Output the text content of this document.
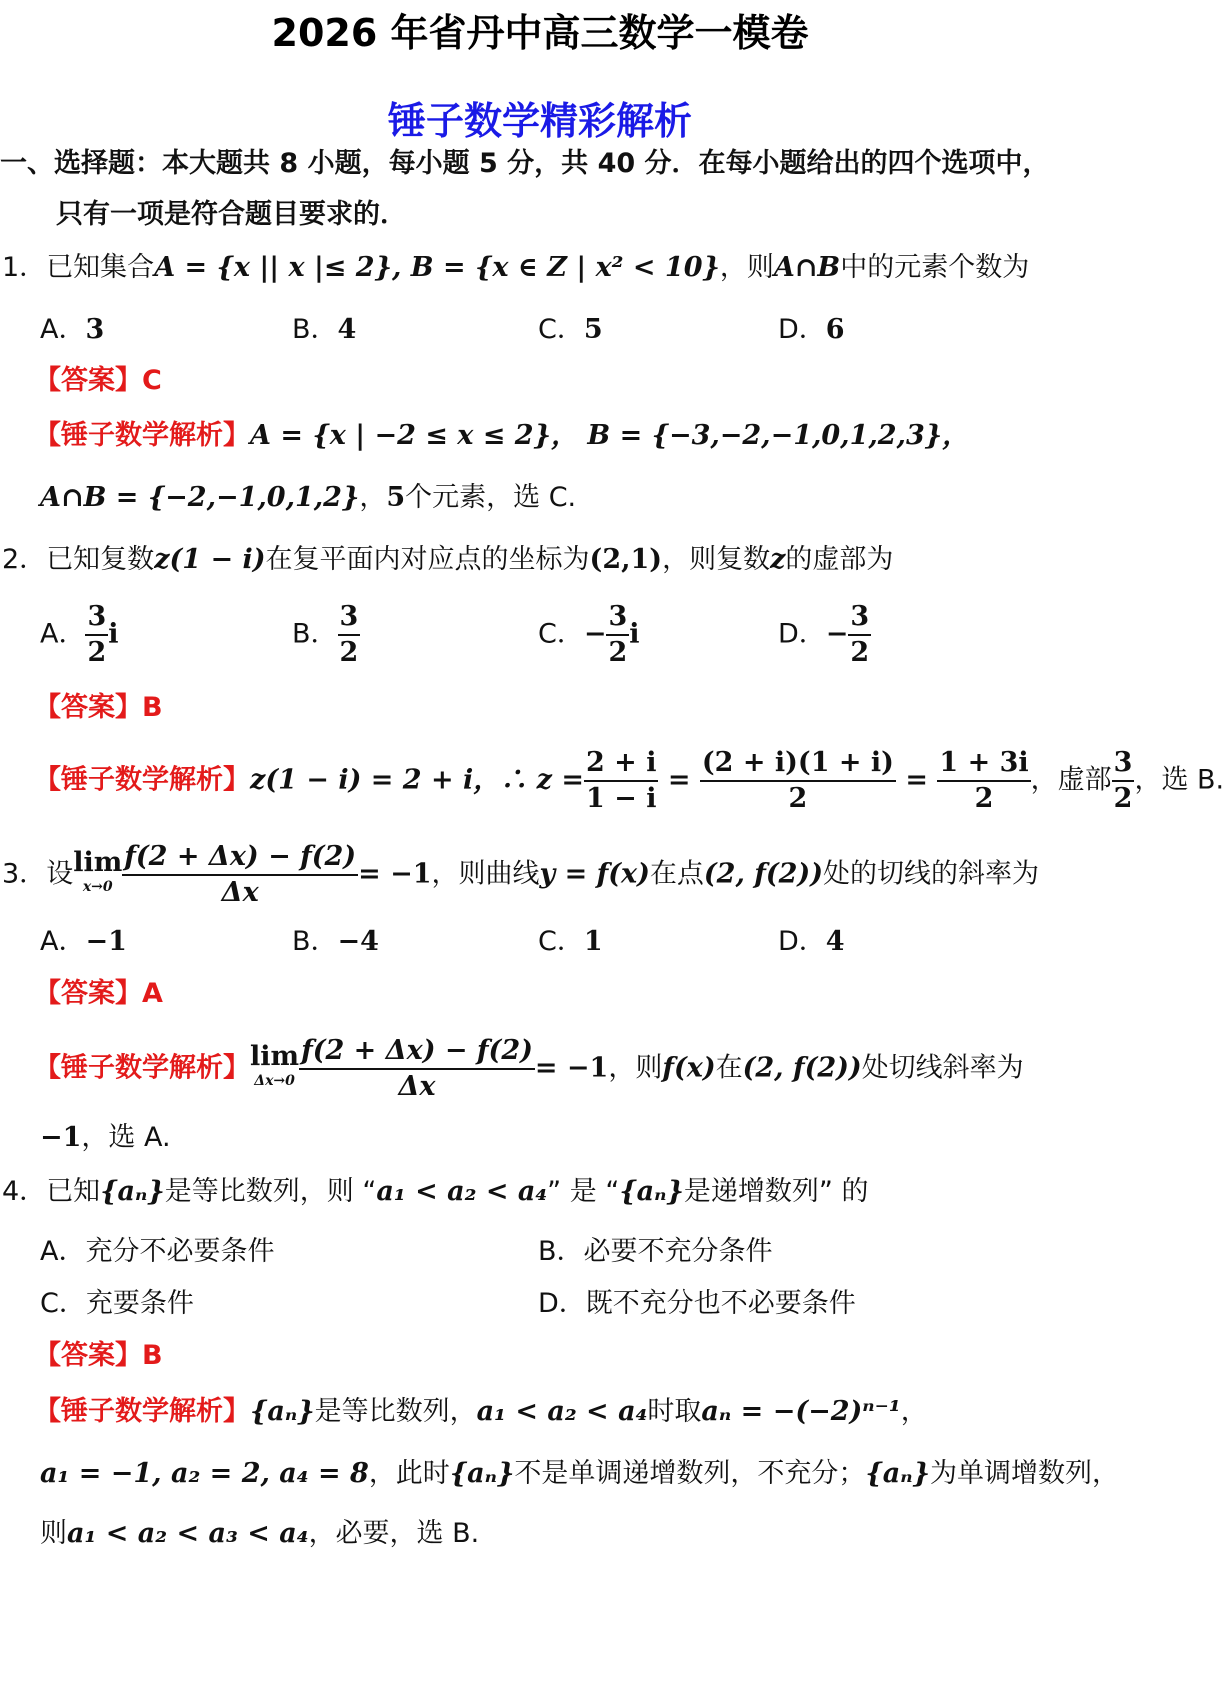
2026 年省丹中高三数学一模卷
锤子数学精彩解析
一、选择题：本大题共 8 小题，每小题 5 分，共 40 分．在每小题给出的四个选项中，
只有一项是符合题目要求的．
1．已知集合A = {x || x |≤ 2}, B = {x ∈ Z | x² < 10}，则A∩B中的元素个数为
A．3	B．4	C．5	D．6
【答案】C
【锤子数学解析】A = {x | −2 ≤ x ≤ 2}， B = {−3,−2,−1,0,1,2,3}，
A∩B = {−2,−1,0,1,2}，5个元素，选 C.
2．已知复数z(1 − i)在复平面内对应点的坐标为(2,1)，则复数z的虚部为
A． $\frac{3}{2}$ i	B． $\frac{3}{2}$	C．− $\frac{3}{2}$ i	D．− $\frac{3}{2}$
【答案】B
【锤子数学解析】z(1 − i) = 2 + i，∴ $z = \frac{2 + i}{1 - i} = \frac{(2 + i)(1 + i)}{2} = \frac{1 + 3i}{2}$ ，虚部 $\frac{3}{2}$ ，选 B.
3．设lim
$x\to 0 \frac{f(2 + \Delta x) - f(2)}{\Delta x} = -1$，则曲线y = f(x)在点(2, f(2))处的切线的斜率为
A．−1	B．−4	C．1	D．4
【答案】A
【锤子数学解析】lim
$\Delta x\to 0 \frac{f(2 + \Delta x) - f(2)}{\Delta x} = -1$，则f(x)在(2, f(2))处切线斜率为
−1，选 A.
4．已知{aₙ}是等比数列，则 “a₁ < a₂ < a₄” 是 “{aₙ}是递增数列” 的
A．充分不必要条件	B．必要不充分条件
C．充要条件	D．既不充分也不必要条件
【答案】B
【锤子数学解析】{aₙ}是等比数列，a₁ < a₂ < a₄时取aₙ = −(−2)ⁿ⁻¹，
a₁ = −1, a₂ = 2, a₄ = 8，此时{aₙ}不是单调递增数列，不充分；{aₙ}为单调增数列，
则a₁ < a₂ < a₃ < a₄，必要，选 B.
